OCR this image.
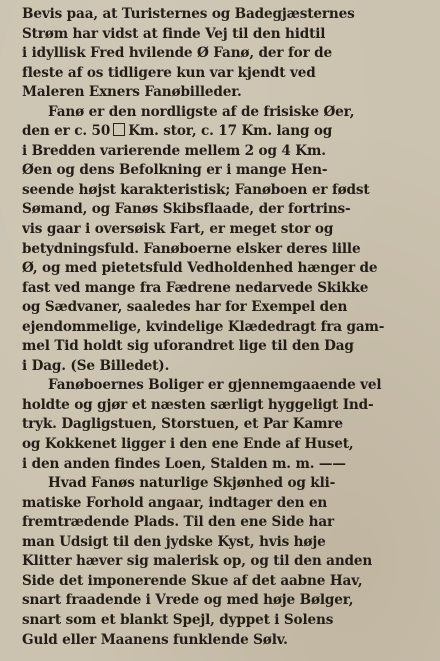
Bevis paa, at Turisternes og Badegjæsternes
Strøm har vidst at finde Vej til den hidtil
i idyllisk Fred hvilende Ø Fanø, der for de
fleste af os tidligere kun var kjendt ved
Maleren Exners Fanøbilleder.
Fanø er den nordligste af de frisiske Øer,
den er c. 50 Km. stor, c. 17 Km. lang og
i Bredden varierende mellem 2 og 4 Km.
Øen og dens Befolkning er i mange Hen-
seende højst karakteristisk; Fanøboen er fødst
Sømand, og Fanøs Skibsflaade, der fortrins-
vis gaar i oversøisk Fart, er meget stor og
betydningsfuld. Fanøboerne elsker deres lille
Ø, og med pietetsfuld Vedholdenhed hænger de
fast ved mange fra Fædrene nedarvede Skikke
og Sædvaner, saaledes har for Exempel den
ejendommelige, kvindelige Klædedragt fra gam-
mel Tid holdt sig uforandret lige til den Dag
i Dag. (Se Billedet).
Fanøboernes Boliger er gjennemgaaende vel
holdte og gjør et næsten særligt hyggeligt Ind-
tryk. Dagligstuen, Storstuen, et Par Kamre
og Kokkenet ligger i den ene Ende af Huset,
i den anden findes Loen, Stalden m. m. ——
Hvad Fanøs naturlige Skjønhed og kli-
matiske Forhold angaar, indtager den en
fremtrædende Plads. Til den ene Side har
man Udsigt til den jydske Kyst, hvis høje
Klitter hæver sig malerisk op, og til den anden
Side det imponerende Skue af det aabne Hav,
snart fraadende i Vrede og med høje Bølger,
snart som et blankt Spejl, dyppet i Solens
Guld eller Maanens funklende Sølv.
